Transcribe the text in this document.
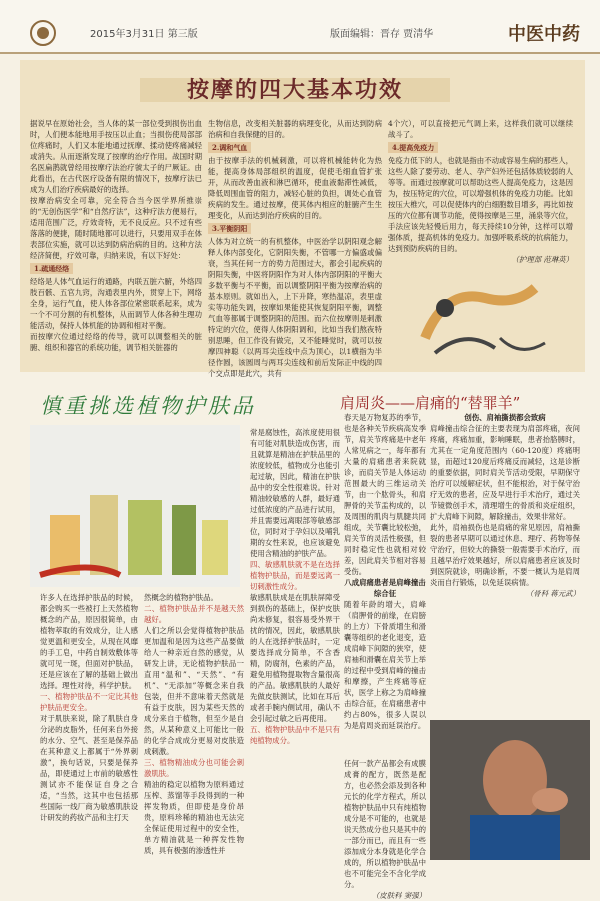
2015年3月31日 第三版	版面编辑：晋存 贾清华	中医中药
按摩的四大基本功效
据说早在原始社会，当人体的某一部位受到损伤出血时，人们便本能地用手按压以止血；当损伤使局部部位疼痛时，人们又本能地通过抚摩、揉动使疼痛减轻或消失。从而逐渐发现了按摩的治疗作用。战国时期名医扁鹊就曾经用按摩疗法治疗虢太子的尸厥证。由此看出，在古代医疗设备有限的情况下，按摩疗法已成为人们治疗疾病最好的选择。
按摩治病安全可靠，完全符合当今医学界所推崇的“无创伤医学”和“自然疗法”，这种疗法方便易行，适用范围广泛，疗效奇特，无不良反应。只不过有些落落的便捷，随时随地都可以进行，只要用双手在体表部位实施，就可以达到防病治病的目的。这种方法经济简便，疗效可靠，归纳来说，有以下好处：
1.疏通经络
经络是人体气血运行的通路，内联五脏六腑，外络四肢百骸、五官九窍，沟通表里内外，贯穿上下，网络全身，运行气血，使人体各部位紧密联系起来，成为一个不可分割的有机整体，从而调节人体各种生理功能活动，保持人体机能的协调和相对平衡。
而按摩穴位通过经络的传导，就可以调整相关的脏腑、组织和器官的系统功能，调节相关脏器的
生物信息，改变相关脏器的病理变化，从而达到防病治病和自我保健的目的。
2.调和气血
由于按摩手法的机械刺激，可以将机械能转化为热能，提高身体局部组织的温度，促使毛细血管扩张开，从而改善血液和淋巴循环，使血液黏滞性减低，降低周围血管的阻力，减轻心脏的负担，调处心血管疾病的发生。通过按摩，使其体内相应的脏腑产生生理变化，从而达到治疗疾病的目的。
3.平衡阴阳
人体为对立统一的有机整体，中医治学以阴阳观念解释人体内部变化，它阴阳失衡，不管哪一方偏盛或偏衰，当其任何一方的势力范围过大，都会引起疾病的阴阳失衡，中医将阴阳作为对人体内部阴阳的平衡大多数平衡与不平衡，而以调整阴阳平衡为按摩治病的基本原则。就如出入，上下升降，寒热温凉，表里虚实等功能失调，按摩如果能使其恢复阴阳平衡，调整气血等都属于调整阴阳的范围。而六位按摩则是刺激特定的穴位，使得人体阴阳调和，比如当我们熬夜特别思睡，但工作没有做完，又不能睡觉时，就可以按摩四神聪（以两耳尖连线中点为顶心，以1横指为半径作圆，该圆周与两耳尖连线和前后发际正中线的四个交点即是此穴，共有
4个穴），可以直接把元气调上来，这样我们就可以继续战斗了。
4.提高免疫力
免疫力低下的人，也就是指由不动或容易生病的那些人，这些人除了要劳动、老人、孕产妇外还包括体质较弱的人等等。而通过按摩就可以帮助这些人提高免疫力，这是因为，按压特定的穴位，可以增强机体的免疫力功能。比如按压大椎穴，可以促使体内的白细胞数目增多，再比如按压的穴位都有调节功能，使得按摩是三里，涌泉等穴位，手法应该先轻慢后用力，每天持续10分钟，这样可以增强体质，提高机体的免疫力。加强呼吸系统的抗病能力，达到预防疾病的目的。
（护理部 范琳英）
慎重挑选植物护肤品	肩周炎——肩痛的“替罪羊”
许多人在选择护肤品的时候，都会购买一些被打上天然植物概念的产品，原因很简单，由植物萃取的有效成分，让人感觉更温和更安全，从现在风靡的手工皂，中药自制效敷体等就可见一斑，但面对护肤品，还是应该在了解的基础上做出选择。理性对待，科学护肤。
一、植物护肤品不一定比其他护肤品更安全。
对于肌肤来说，除了肌肤自身分泌的皮脂外，任何来自外接的水分、空气、甚至是保养品在其种意义上都属于“外界刺激”，换句话说，只要是保养品，即使通过上市前的敏感性测试亦不能保证自身之合适，“当然，这其中也包括那些国际一线厂商为敏感肌肤设计研发的药妆产品和主打天
然概念的植物护肤品。
二、植物护肤品并不是越天然越好。
人们之所以会觉得植物护肤品更加温和是因为这些产品要做给人一种亲近自然的感觉，从研发上讲，无论植物护肤品一直用“温和”、“天然”、“有机”、“无添加”等概念来自我包装，但并不意味着天然就是有益于皮肤，因为某些天然的成分来自于植物，但至少是自然，从某种意义上可能比一般的化学合成成分更易对皮肤造成刺激。
三、植物精油成分也可能会刺激肌肤。
精油的稳定以植物为原料通过压榨、蒸馏等手段得到的一种挥发物质，但即使是身价昂贵，原料珍稀的精油也无法完全保证使用过程中的安全性，单方精油就是一种挥发性物质，具有极强的渗透性并
常是腐蚀性，高浓度使用很有可能对肌肤造成伤害，而且就算是精油在护肤品里的浓度较低，植物成分也能引起过敏，因此，精油在护肤品中的安全性很难说。针对精油较敏感的人群，最好通过低浓度的产品进行试用，并且需要远离眼部等敏感部位，同时对于孕妇以及哺乳期的女性来说，也应该避免使用含精油的护肤产品。
四、敏感肌肤就不是在选择植物护肤品，而是要远离一切刺激性成分。
敏感肌肤成是在肌肤屏障受到损伤的基础上，保护皮肤尚未修复，很容易受外界干扰的情况，因此，敏感肌肤的人在选择护肤品时，一定要选择成分简单，不含香精，防腐剂，色素的产品，避免用植物提取物含量很高的产品。敏感肌肤的人最好先做皮肤测试，比如在耳后或者手腕内侧试用，确认不会引起过敏之后再使用。
五、植物护肤品中不是只有纯植物成分。
春天是万物复苏的季节，也是各种关节疾病高发季节，肩关节疼痛是中老年人常见病之一，每年都有大量的肩痛患者来院就诊，而肩关节是人体运动范围最大的三维运动关节，由一个肱骨头，和肩胛骨的关节盂构成的，以及周围的肌肉与肌腱共同组成，关节囊比较松弛，肩关节的灵活性极强，但同时稳定性也就相对较差，因此肩关节相对容易受伤。
八成肩痛患者是肩峰撞击综合征
随着年龄的增大，肩峰（肩胛骨的前缘，在肩膀的上方）下骨质增生和滑囊等组织的老化退变，造成肩峰下间隙的狭窄，使肩袖和滑囊在肩关节上举的过程中受到肩峰的撞击和摩擦，产生疼痛等症状，医学上称之为肩峰撞击综合征，在肩痛患者中约占80%，很多人误以为是肩周炎而延误治疗。
任何一款产品都会有成膜成膏的配方，既然是配方，也必然会添及到各种元长的化学方程式，所以植物护肤品中只有纯植物成分是不可能的，也就是说天然成分也只是其中的一部分而已，而且有一些添加成分本身就是化学合成的，所以植物护肤品中也不可能完全不含化学成分。
（皮肤科 窦强）
创伤、肩袖撕损都会致病
肩峰撞击综合征的主要表现为肩部疼痛，夜间疼痛，疼痛加重，影响睡眠，患者抬胳膊时，尤其在一定角度范围内（60-120度）疼痛明显，而超过120度后疼痛反而减轻，这是诊断的重要依据，同时肩关节活动受限，早期保守治疗可以缓解症状，但不能根治，对于保守治疗无效的患者，应及早进行手术治疗，通过关节镜微创手术，清理增生的骨质和炎症组织，扩大肩峰下间隙，解除撞击，效果非常好。
此外，肩袖损伤也是肩痛的常见原因，肩袖撕裂的患者早期可以通过休息、理疗、药物等保守治疗，但较大的撕裂一般需要手术治疗，而且越早治疗效果越好，所以肩痛患者应该及时到医院就诊，明确诊断，不要一概认为是肩周炎而自行锻炼，以免延误病情。
（骨科 蒋元武）
